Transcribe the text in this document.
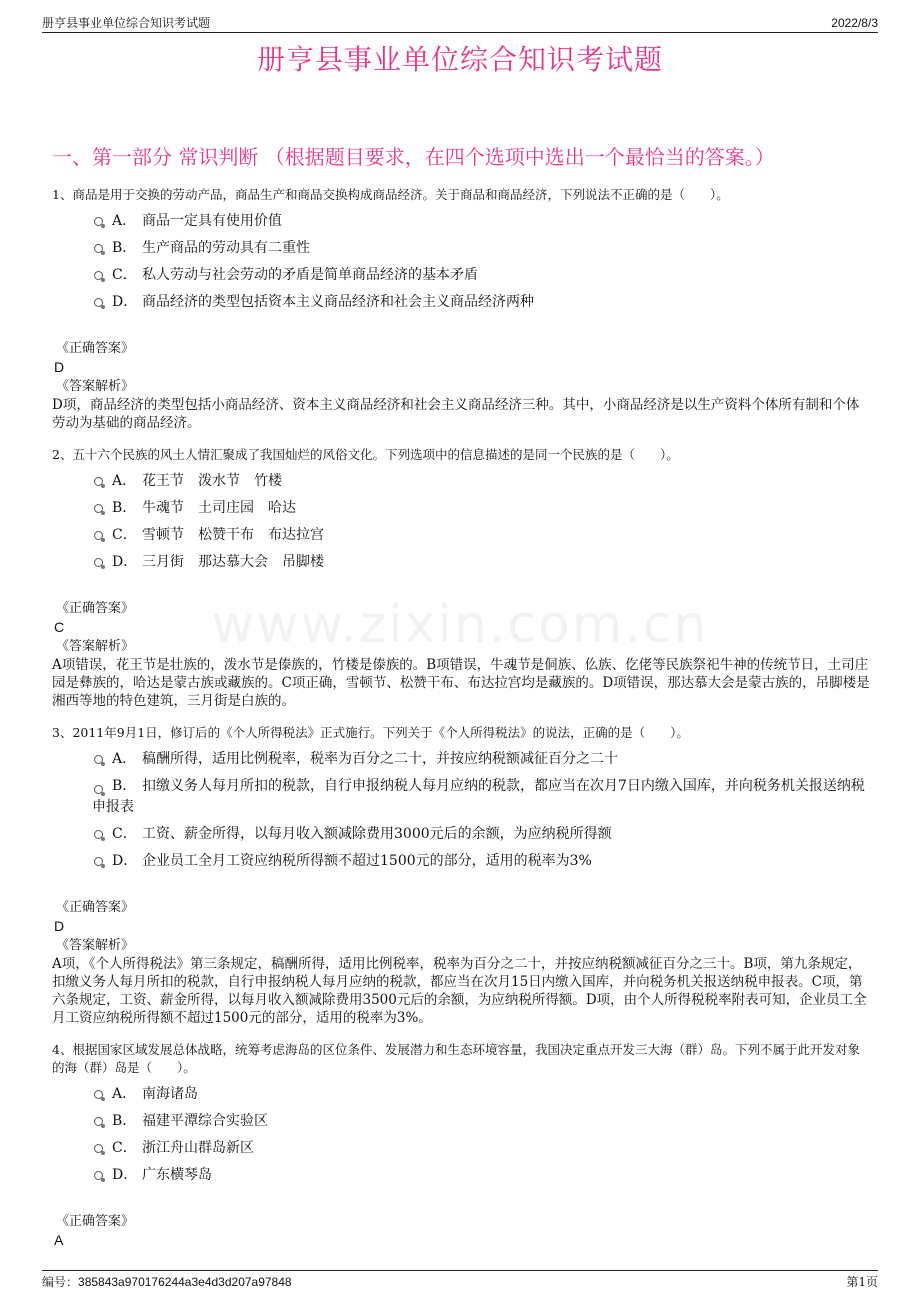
册亨县事业单位综合知识考试题	2022/8/3
册亨县事业单位综合知识考试题
一、第一部分 常识判断 （根据题目要求，在四个选项中选出一个最恰当的答案。）
www.zixin.com.cn
1、商品是用于交换的劳动产品，商品生产和商品交换构成商品经济。关于商品和商品经济，下列说法不正确的是（　　）。
A． 商品一定具有使用价值
B． 生产商品的劳动具有二重性
C． 私人劳动与社会劳动的矛盾是简单商品经济的基本矛盾
D． 商品经济的类型包括资本主义商品经济和社会主义商品经济两种
《正确答案》
D
《答案解析》
D项，商品经济的类型包括小商品经济、资本主义商品经济和社会主义商品经济三种。其中，小商品经济是以生产资料个体所有制和个体劳动为基础的商品经济。
2、五十六个民族的风土人情汇聚成了我国灿烂的风俗文化。下列选项中的信息描述的是同一个民族的是（　　）。
A． 花王节　泼水节　竹楼
B． 牛魂节　土司庄园　哈达
C． 雪顿节　松赞干布　布达拉宫
D． 三月街　那达慕大会　吊脚楼
《正确答案》
C
《答案解析》
A项错误，花王节是壮族的，泼水节是傣族的，竹楼是傣族的。B项错误，牛魂节是侗族、仫族、仡佬等民族祭祀牛神的传统节日，土司庄园是彝族的，哈达是蒙古族或藏族的。C项正确，雪顿节、松赞干布、布达拉宫均是藏族的。D项错误，那达慕大会是蒙古族的，吊脚楼是湘西等地的特色建筑，三月街是白族的。
3、2011年9月1日，修订后的《个人所得税法》正式施行。下列关于《个人所得税法》的说法，正确的是（　　）。
A． 稿酬所得，适用比例税率，税率为百分之二十，并按应纳税额减征百分之二十
B． 扣缴义务人每月所扣的税款，自行申报纳税人每月应纳的税款，都应当在次月7日内缴入国库，并向税务机关报送纳税申报表
C． 工资、薪金所得，以每月收入额减除费用3000元后的余额，为应纳税所得额
D． 企业员工全月工资应纳税所得额不超过1500元的部分，适用的税率为3%
《正确答案》
D
《答案解析》
A项，《个人所得税法》第三条规定，稿酬所得，适用比例税率，税率为百分之二十，并按应纳税额减征百分之三十。B项，第九条规定，扣缴义务人每月所扣的税款，自行申报纳税人每月应纳的税款，都应当在次月15日内缴入国库，并向税务机关报送纳税申报表。C项，第六条规定，工资、薪金所得，以每月收入额减除费用3500元后的余额，为应纳税所得额。D项，由个人所得税税率附表可知，企业员工全月工资应纳税所得额不超过1500元的部分，适用的税率为3%。
4、根据国家区域发展总体战略，统筹考虑海岛的区位条件、发展潜力和生态环境容量，我国决定重点开发三大海（群）岛。下列不属于此开发对象的海（群）岛是（　　）。
A． 南海诸岛
B． 福建平潭综合实验区
C． 浙江舟山群岛新区
D． 广东横琴岛
《正确答案》
A
编号：385843a970176244a3e4d3d207a97848	第1页
